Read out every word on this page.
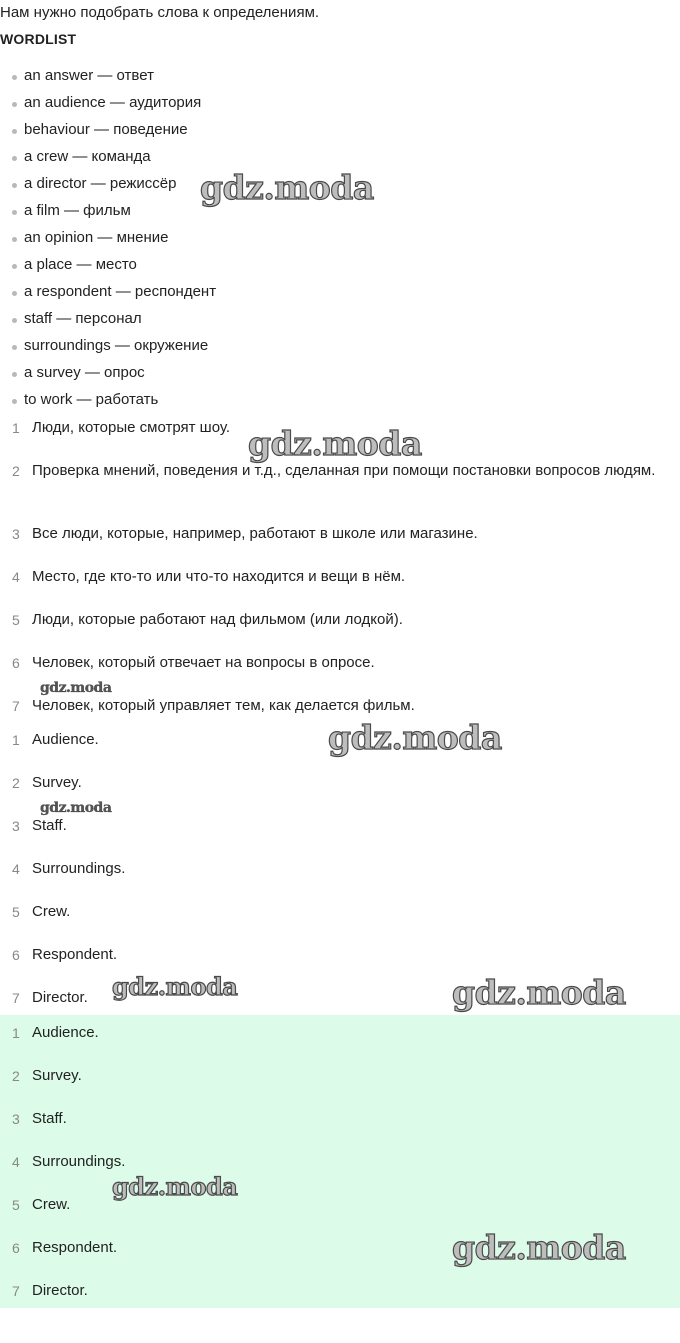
Нам нужно подобрать слова к определениям.
WORDLIST
an answer — ответ
an audience — аудитория
behaviour — поведение
a crew — команда
a director — режиссёр
a film — фильм
an opinion — мнение
a place — место
a respondent — респондент
staff — персонал
surroundings — окружение
a survey — опрос
to work — работать
1 Люди, которые смотрят шоу.
2 Проверка мнений, поведения и т.д., сделанная при помощи постановки вопросов людям.
3 Все люди, которые, например, работают в школе или магазине.
4 Место, где кто-то или что-то находится и вещи в нём.
5 Люди, которые работают над фильмом (или лодкой).
6 Человек, который отвечает на вопросы в опросе.
7 Человек, который управляет тем, как делается фильм.
1 Audience.
2 Survey.
3 Staff.
4 Surroundings.
5 Crew.
6 Respondent.
7 Director.
1 Audience.
2 Survey.
3 Staff.
4 Surroundings.
5 Crew.
6 Respondent.
7 Director.
gdz.moda
gdz.moda
gdz.moda
gdz.moda
gdz.moda
gdz.moda	gdz.moda
gdz.moda
gdz.moda
